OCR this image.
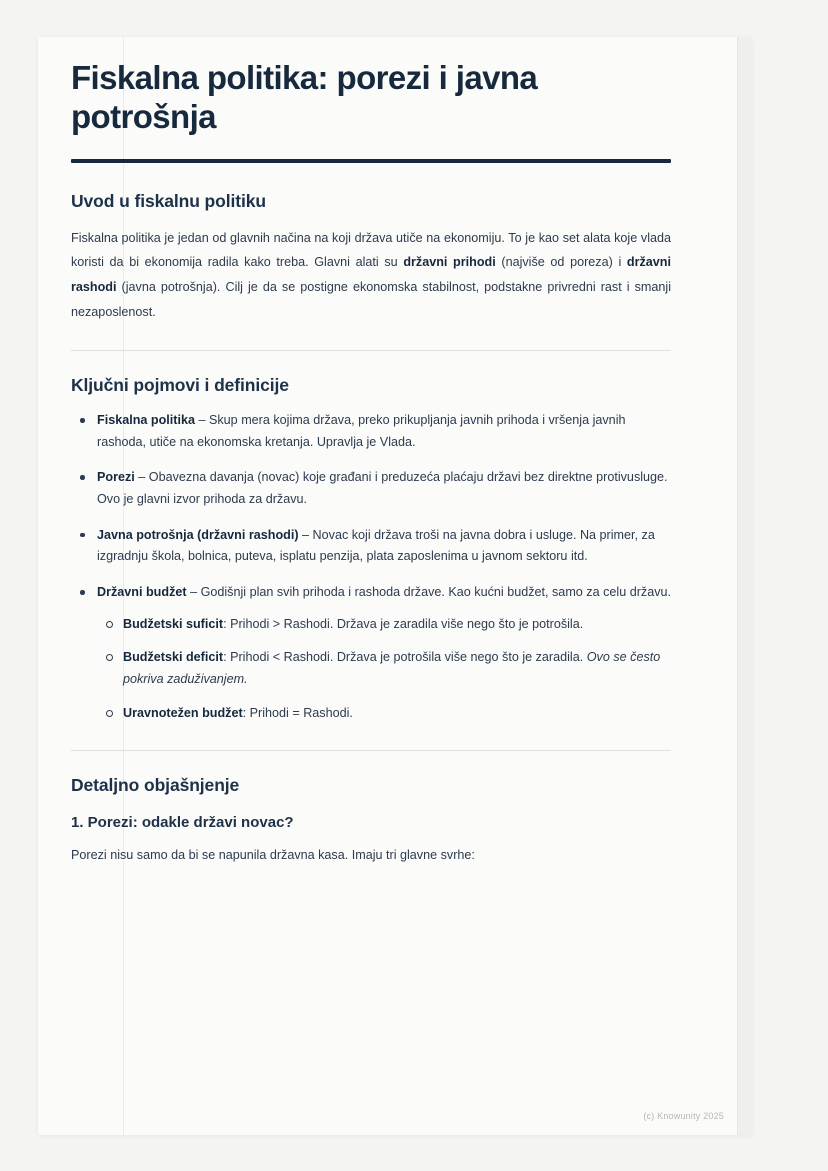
Fiskalna politika: porezi i javna potrošnja
Uvod u fiskalnu politiku

Fiskalna politika je jedan od glavnih načina na koji država utiče na ekonomiju. To je kao set alata koje vlada koristi da bi ekonomija radila kako treba. Glavni alati su državni prihodi (najviše od poreza) i državni rashodi (javna potrošnja). Cilj je da se postigne ekonomska stabilnost, podstakne privredni rast i smanji nezaposlenost.

Ključni pojmovi i definicije
Fiskalna politika – Skup mera kojima država, preko prikupljanja javnih prihoda i vršenja javnih rashoda, utiče na ekonomska kretanja. Upravlja je Vlada.
Porezi – Obavezna davanja (novac) koje građani i preduzeća plaćaju državi bez direktne protivusluge. Ovo je glavni izvor prihoda za državu.
Javna potrošnja (državni rashodi) – Novac koji država troši na javna dobra i usluge. Na primer, za izgradnju škola, bolnica, puteva, isplatu penzija, plata zaposlenima u javnom sektoru itd.
Državni budžet – Godišnji plan svih prihoda i rashoda države. Kao kućni budžet, samo za celu državu.
Budžetski suficit: Prihodi > Rashodi. Država je zaradila više nego što je potrošila.
Budžetski deficit: Prihodi < Rashodi. Država je potrošila više nego što je zaradila. Ovo se često pokriva zaduživanjem.
Uravnotežen budžet: Prihodi = Rashodi.
Detaljno objašnjenje
1. Porezi: odakle državi novac?

Porezi nisu samo da bi se napunila državna kasa. Imaju tri glavne svrhe:

(c) Knowunity 2025
